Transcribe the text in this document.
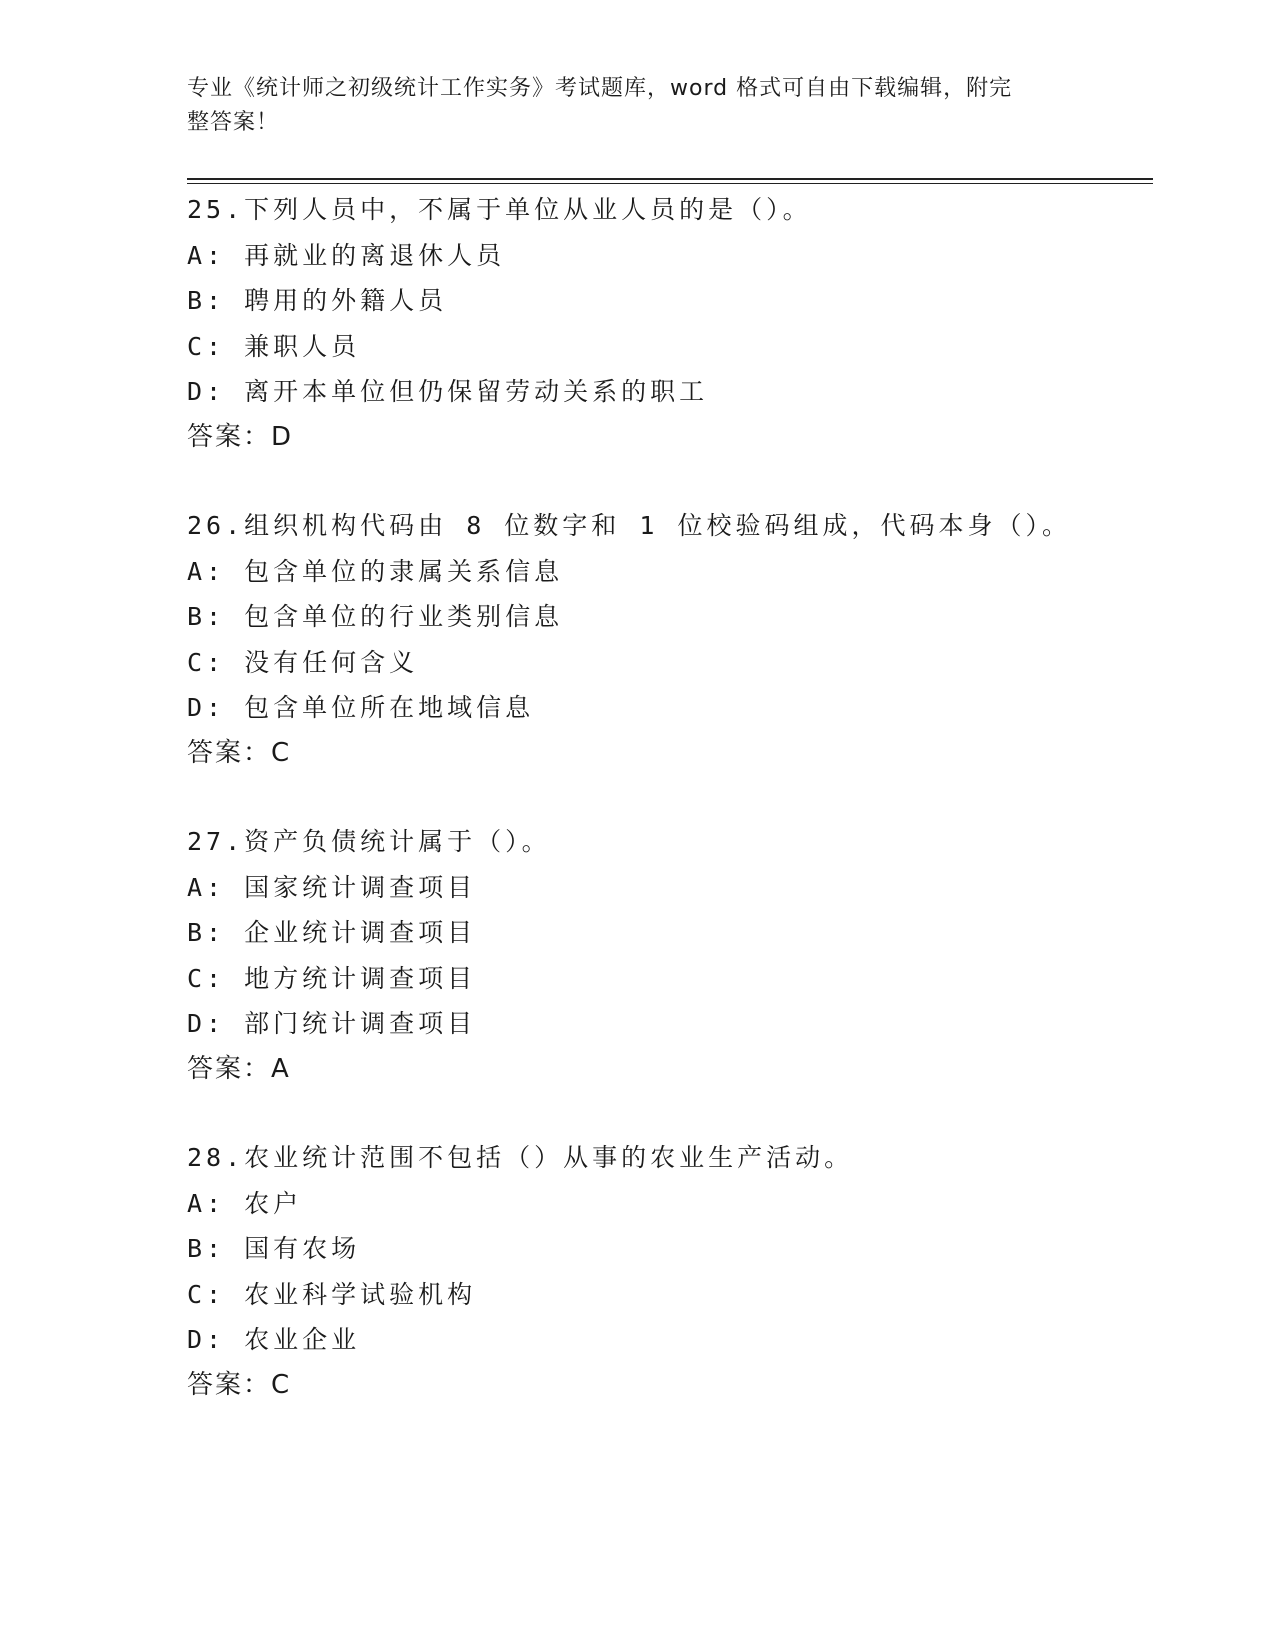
专业《统计师之初级统计工作实务》考试题库，word 格式可自由下载编辑，附完
整答案！
25.下列人员中，不属于单位从业人员的是（）。
A: 再就业的离退休人员
B: 聘用的外籍人员
C: 兼职人员
D: 离开本单位但仍保留劳动关系的职工
答案：D
26.组织机构代码由 8 位数字和 1 位校验码组成，代码本身（）。
A: 包含单位的隶属关系信息
B: 包含单位的行业类别信息
C: 没有任何含义
D: 包含单位所在地域信息
答案：C
27.资产负债统计属于（）。
A: 国家统计调查项目
B: 企业统计调查项目
C: 地方统计调查项目
D: 部门统计调查项目
答案：A
28.农业统计范围不包括（）从事的农业生产活动。
A: 农户
B: 国有农场
C: 农业科学试验机构
D: 农业企业
答案：C
